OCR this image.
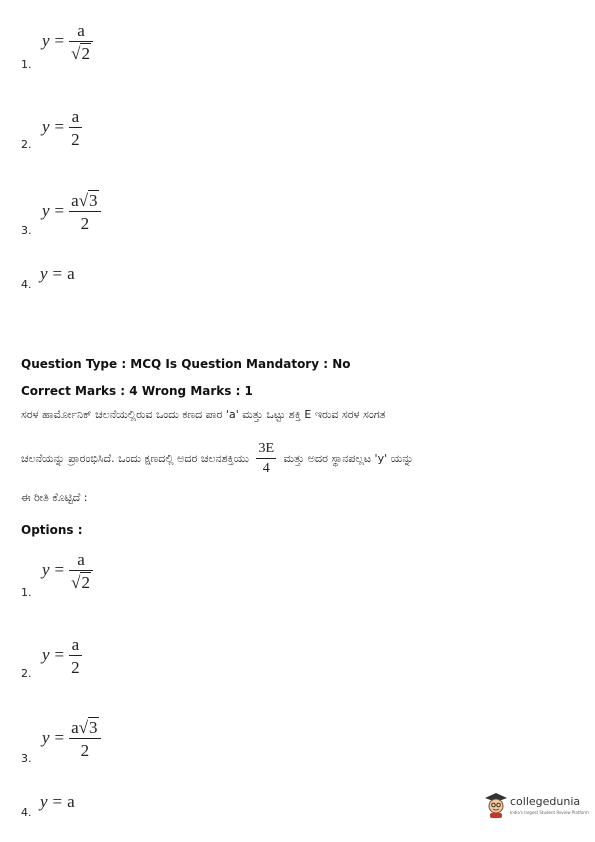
1.
$y = \frac{a}{√2}$
2.
$y = \frac{a}{2}$
3.
$y = \frac{a√3}{2}$
4.
y = a
Question Type : MCQ Is Question Mandatory : No
Correct Marks : 4 Wrong Marks : 1
ಸರಳ ಹಾರ್ಮೋನಿಕ್ ಚಲನೆಯಲ್ಲಿರುವ ಒಂದು ಕಣದ ಪಾರ 'a' ಮತ್ತು ಒಟ್ಟು ಶಕ್ತಿ E ಇರುವ ಸರಳ ಸಂಗತ
ಚಲನೆಯನ್ನು ಪ್ರಾರಂಭಿಸಿದೆ. ಒಂದು ಕ್ಷಣದಲ್ಲಿ ಅದರ ಚಲನಶಕ್ತಿಯು $\frac{3E}{4}$ ಮತ್ತು ಅದರ ಸ್ಥಾನಪಲ್ಲಟ 'y' ಯನ್ನು
ಈ ರೀತಿ ಕೊಟ್ಟಿದೆ :
Options :
1.
$y = \frac{a}{√2}$
2.
$y = \frac{a}{2}$
3.
$y = \frac{a√3}{2}$
4.
y = a	collegedunia
India's largest Student Review Platform
